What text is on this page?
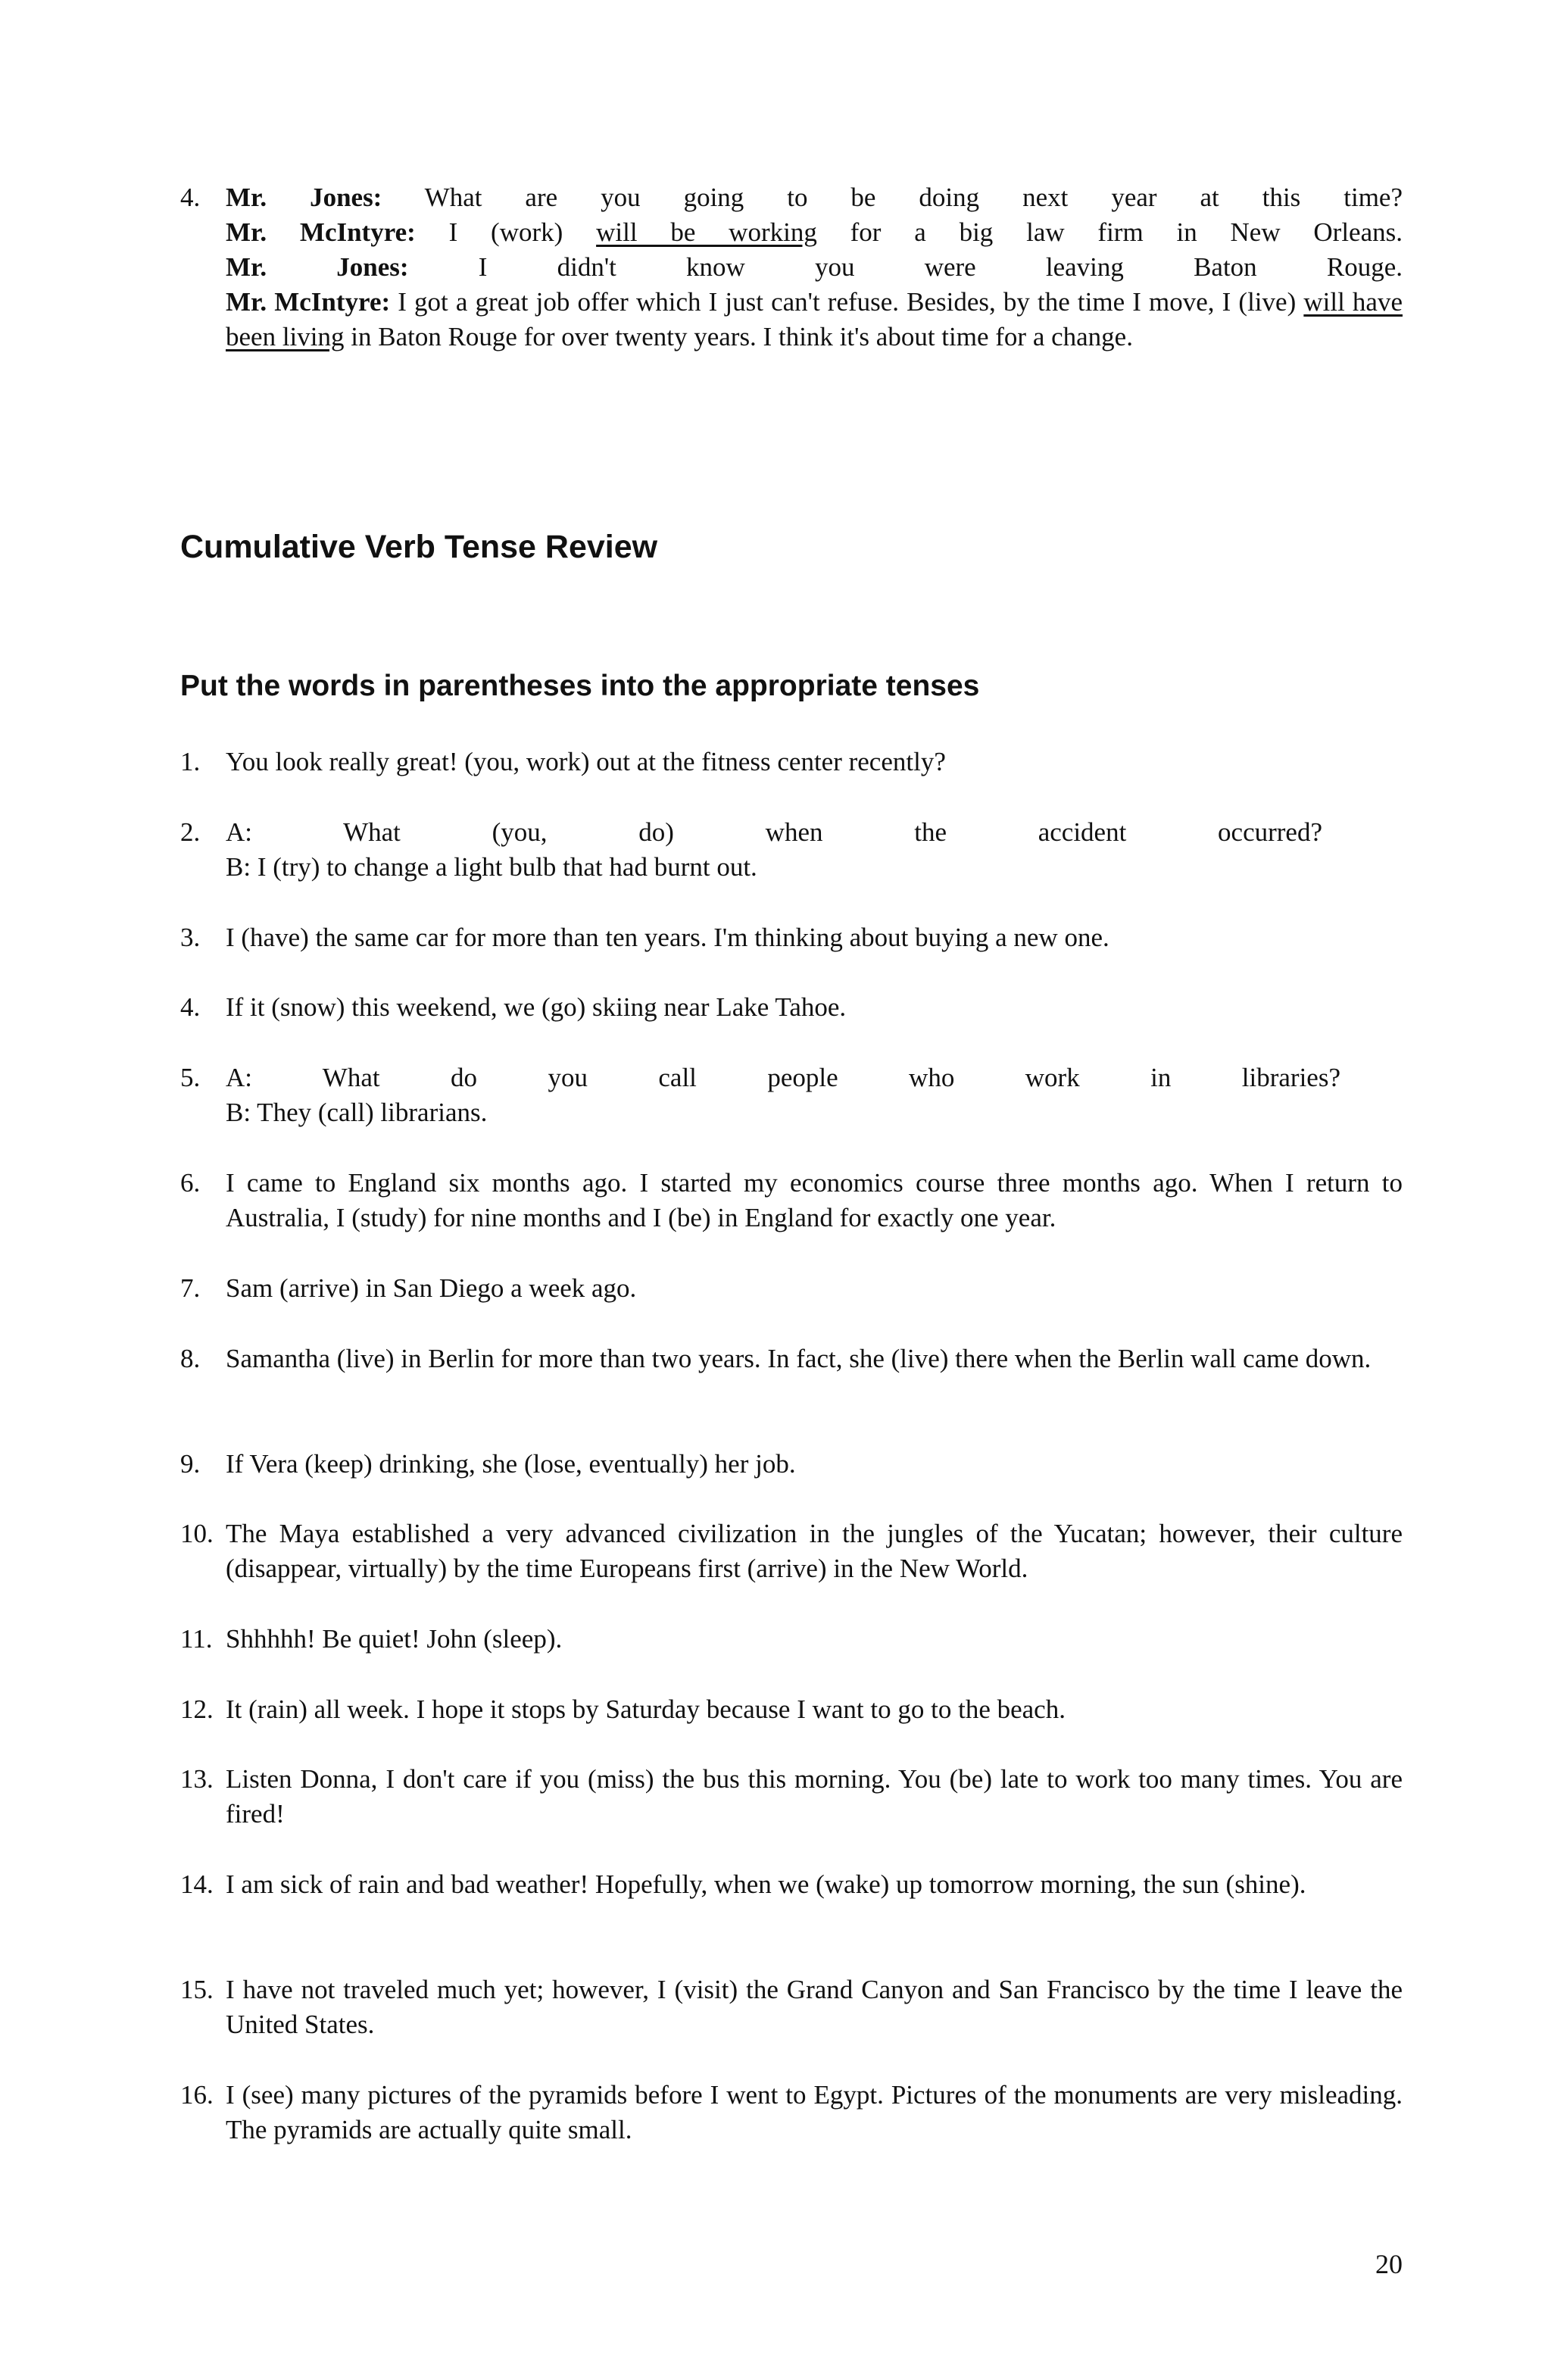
4. Mr. Jones: What are you going to be doing next year at this time?
Mr. McIntyre: I (work) will be working for a big law firm in New Orleans.
Mr. Jones:	I didn't know you were leaving Baton Rouge.
Mr. McIntyre: I got a great job offer which I just can't refuse. Besides, by the time I move, I (live) will have been living in Baton Rouge for over twenty years. I think it's about time for a change.
Cumulative Verb Tense Review
Put the words in parentheses into the appropriate tenses
1. You look really great! (you, work) out at the fitness center recently?
2. A: What (you, do) when the accident occurred?
B: I (try) to change a light bulb that had burnt out.
3. I (have) the same car for more than ten years. I'm thinking about buying a new one.
4. If it (snow) this weekend, we (go) skiing near Lake Tahoe.
5. A: What do you call people who work in libraries?
B: They (call) librarians.
6. I came to England six months ago. I started my economics course three months ago. When I return to Australia, I (study) for nine months and I (be) in England for exactly one year.
7. Sam (arrive) in San Diego a week ago.
8. Samantha (live) in Berlin for more than two years. In fact, she (live) there when the Berlin wall came down.
9. If Vera (keep) drinking, she (lose, eventually) her job.
10. The Maya established a very advanced civilization in the jungles of the Yucatan; however, their culture (disappear, virtually) by the time Europeans first (arrive) in the New World.
11. Shhhhh! Be quiet! John (sleep).
12. It (rain) all week. I hope it stops by Saturday because I want to go to the beach.
13. Listen Donna, I don't care if you (miss) the bus this morning. You (be) late to work too many times. You are fired!
14. I am sick of rain and bad weather! Hopefully, when we (wake) up tomorrow morning, the sun (shine).
15. I have not traveled much yet; however, I (visit) the Grand Canyon and San Francisco by the time I leave the United States.
16. I (see) many pictures of the pyramids before I went to Egypt. Pictures of the monuments are very misleading. The pyramids are actually quite small.
20
